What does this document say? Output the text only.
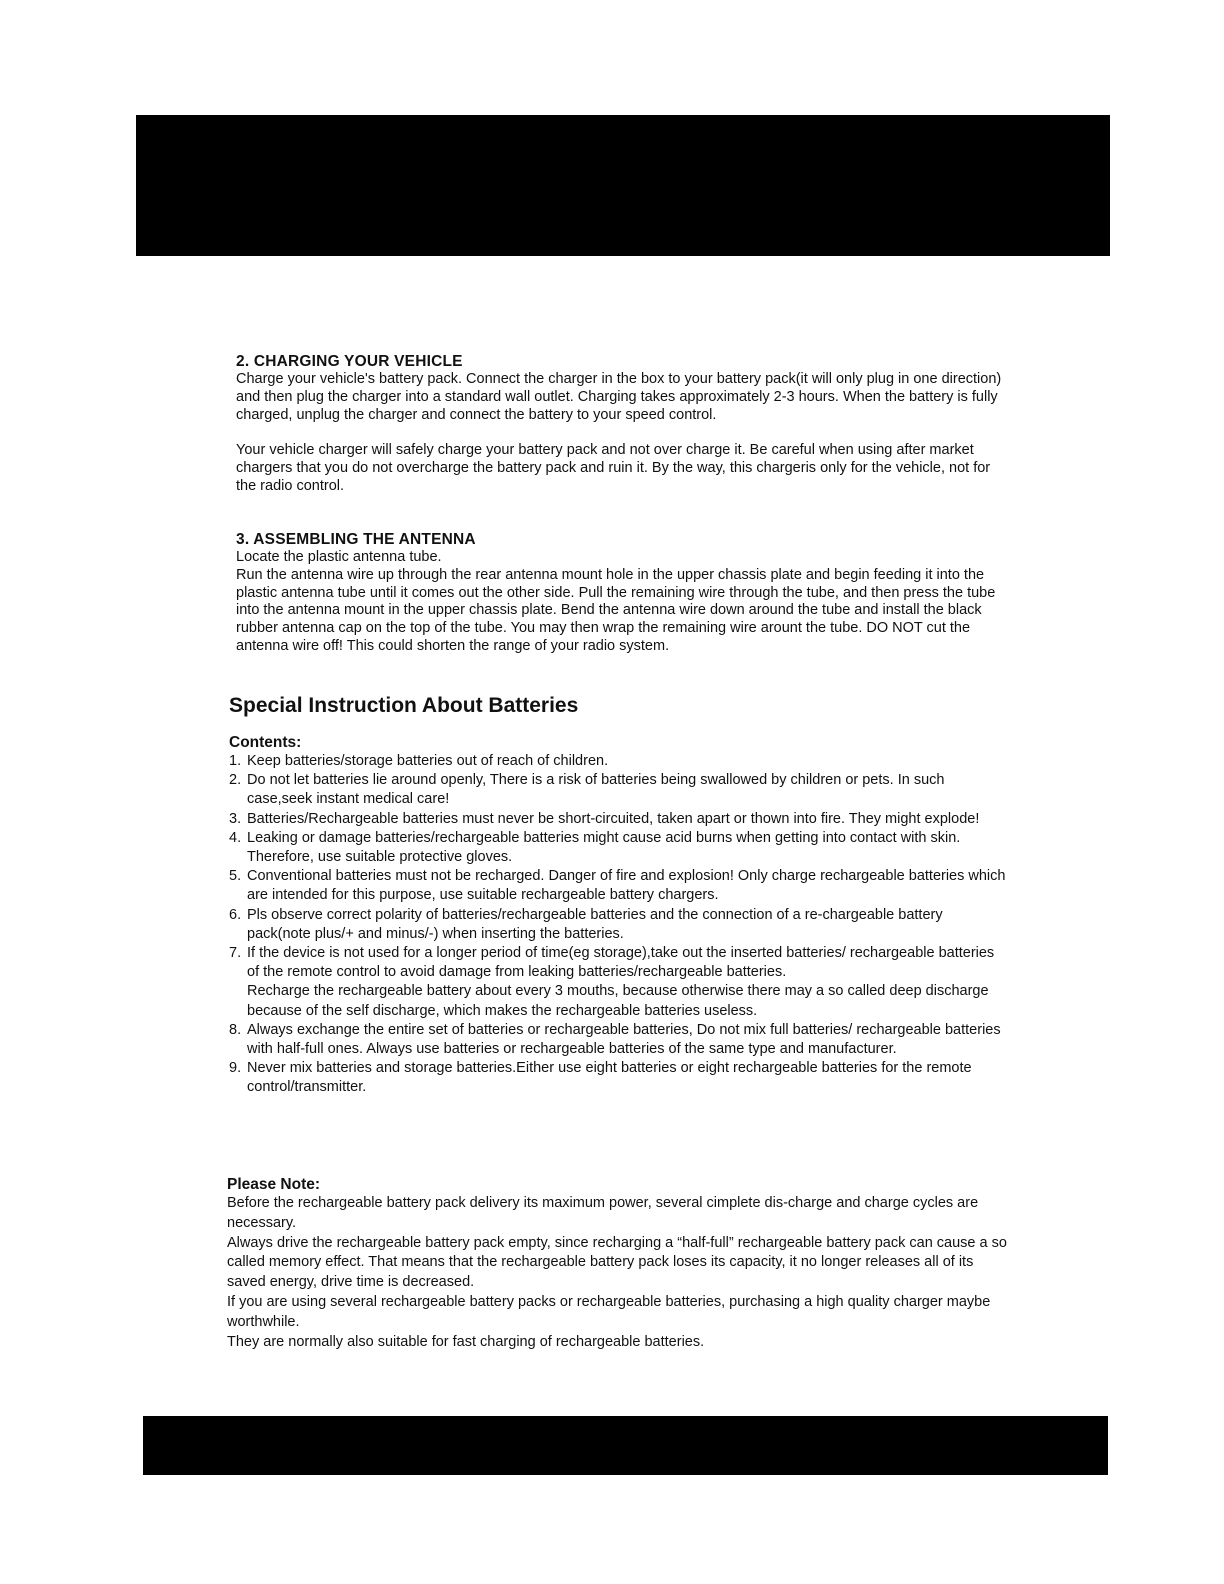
2. CHARGING YOUR VEHICLE

Charge your vehicle's battery pack. Connect the charger in the box to your battery pack(it will only plug in one direction) and then plug the charger into a standard wall outlet. Charging takes approximately 2-3 hours. When the battery is fully charged, unplug the charger and connect the battery to your speed control.

Your vehicle charger will safely charge your battery pack and not over charge it. Be careful when using after market chargers that you do not overcharge the battery pack and ruin it. By the way, this chargeris only for the vehicle, not for the radio control.

3. ASSEMBLING THE ANTENNA

Locate the plastic antenna tube.

Run the antenna wire up through the rear antenna mount hole in the upper chassis plate and begin feeding it into the plastic antenna tube until it comes out the other side. Pull the remaining wire through the tube, and then press the tube into the antenna mount in the upper chassis plate. Bend the antenna wire down around the tube and install the black rubber antenna cap on the top of the tube. You may then wrap the remaining wire arount the tube. DO NOT cut the antenna wire off! This could shorten the range of your radio system.

Special Instruction About Batteries
Contents:
1. Keep batteries/storage batteries out of reach of children.
2. Do not let batteries lie around openly, There is a risk of batteries being swallowed by children or pets. In such case,seek instant medical care!
3. Batteries/Rechargeable batteries must never be short-circuited, taken apart or thown into fire. They might explode!
4. Leaking or damage batteries/rechargeable batteries might cause acid burns when getting into contact with skin. Therefore, use suitable protective gloves.
5. Conventional batteries must not be recharged. Danger of fire and explosion! Only charge rechargeable batteries which are intended for this purpose, use suitable rechargeable battery chargers.
6. Pls observe correct polarity of batteries/rechargeable batteries and the connection of a re-chargeable battery pack(note plus/+ and minus/-) when inserting the batteries.
7. If the device is not used for a longer period of time(eg storage),take out the inserted batteries/ rechargeable batteries of the remote control to avoid damage from leaking batteries/rechargeable batteries.
Recharge the rechargeable battery about every 3 mouths, because otherwise there may a so called deep discharge because of the self discharge, which makes the rechargeable batteries useless.
8. Always exchange the entire set of batteries or rechargeable batteries, Do not mix full batteries/ rechargeable batteries with half-full ones. Always use batteries or rechargeable batteries of the same type and manufacturer.
9. Never mix batteries and storage batteries.Either use eight batteries or eight rechargeable batteries for the remote control/transmitter.
Please Note:

Before the rechargeable battery pack delivery its maximum power, several cimplete dis-charge and charge cycles are necessary.

Always drive the rechargeable battery pack empty, since recharging a “half-full” rechargeable battery pack can cause a so called memory effect. That means that the rechargeable battery pack loses its capacity, it no longer releases all of its saved energy, drive time is decreased.

If you are using several rechargeable battery packs or rechargeable batteries, purchasing a high quality charger maybe worthwhile.

They are normally also suitable for fast charging of rechargeable batteries.
